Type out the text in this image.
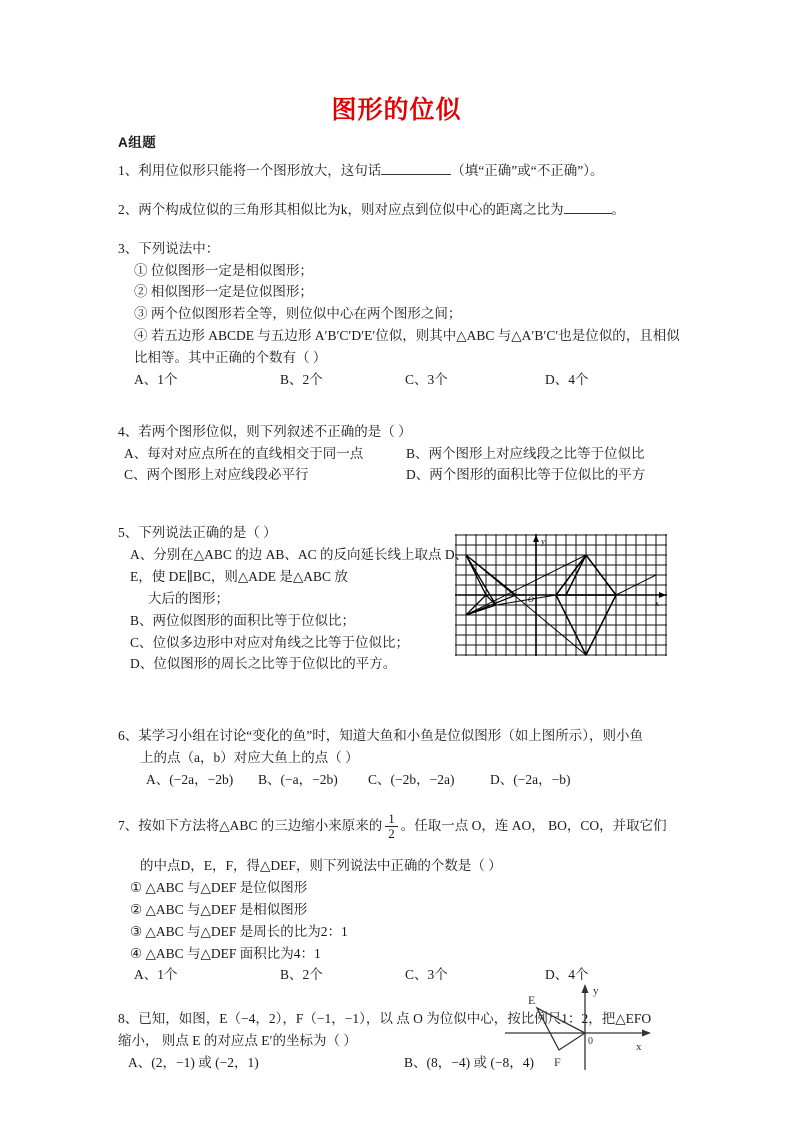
图形的位似
A组题
1、利用位似形只能将一个图形放大，这句话	（填“正确”或“不正确”）。
2、两个构成位似的三角形其相似比为k，则对应点到位似中心的距离之比为	。
3、下列说法中：
① 位似图形一定是相似图形；
② 相似图形一定是位似图形；
③ 两个位似图形若全等，则位似中心在两个图形之间；
④ 若五边形 ABCDE 与五边形 A′B′C′D′E′位似，则其中△ABC 与△A′B′C′也是位似的，且相似比相等。其中正确的个数有（ ）
A、1个	B、2个	C、3个	D、4个
4、若两个图形位似，则下列叙述不正确的是（ ）
A、每对对应点所在的直线相交于同一点	B、两个图形上对应线段之比等于位似比
C、两个图形上对应线段必平行	D、两个图形的面积比等于位似比的平方
5、下列说法正确的是（ ）
A、分别在△ABC 的边 AB、AC 的反向延长线上取点 D、E，使 DE∥BC，则△ADE 是△ABC 放
大后的图形；
B、两位似图形的面积比等于位似比；
C、位似多边形中对应对角线之比等于位似比；
D、位似图形的周长之比等于位似比的平方。
6、某学习小组在讨论“变化的鱼”时，知道大鱼和小鱼是位似图形（如上图所示），则小鱼
上的点（a，b）对应大鱼上的点（ ）
A、(−2a，−2b)	B、(−a，−2b)	C、(−2b，−2a)	D、(−2a，−b)
7、按如下方法将△ABC 的三边缩小来原来的 $\frac{1}{2}$ 。任取一点 O，连 AO， BO，CO，并取它们
的中点D，E，F，得△DEF，则下列说法中正确的个数是（ ）
① △ABC 与△DEF 是位似图形
② △ABC 与△DEF 是相似图形
③ △ABC 与△DEF 是周长的比为2：1
④ △ABC 与△DEF 面积比为4：1
A、1个	B、2个	C、3个	D、4个
8、已知，如图，E（−4，2），F（−1，−1），以 点 O 为位似中心，按比例尺1：2，把△EFO
缩小， 则点 E 的对应点 E′的坐标为（ ）
A、(2，−1) 或 (−2，1)	B、(8，−4) 或 (−8，4)
y
x
O
y
x
0
E
F
